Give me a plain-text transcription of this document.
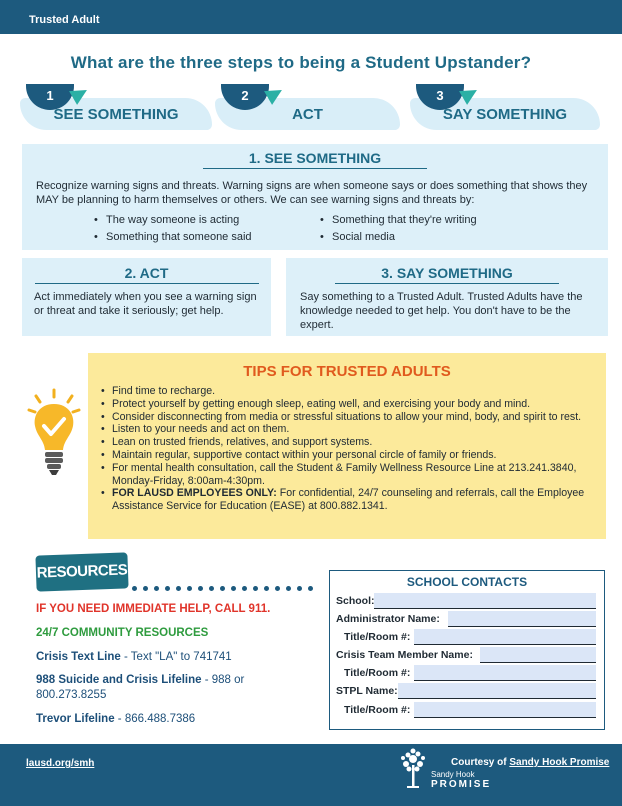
Trusted Adult
What are the three steps to being a Student Upstander?
1
SEE SOMETHING
2
ACT
3
SAY SOMETHING
1. SEE SOMETHING

Recognize warning signs and threats. Warning signs are when someone says or does something that shows they MAY be planning to harm themselves or others. We can see warning signs and threats by:

• The way someone is acting
• Something that someone said
• Something that they're writing
• Social media
2. ACT

Act immediately when you see a warning sign or threat and take it seriously; get help.

3. SAY SOMETHING

Say something to a Trusted Adult. Trusted Adults have the knowledge needed to get help. You don't have to be the expert.

TIPS FOR TRUSTED ADULTS
• Find time to recharge.
• Protect yourself by getting enough sleep, eating well, and exercising your body and mind.
• Consider disconnecting from media or stressful situations to allow your mind, body, and spirit to rest.
• Listen to your needs and act on them.
• Lean on trusted friends, relatives, and support systems.
• Maintain regular, supportive contact within your personal circle of family or friends.
• For mental health consultation, call the Student & Family Wellness Resource Line at 213.241.3840, Monday-Friday, 8:00am-4:30pm.
• FOR LAUSD EMPLOYEES ONLY: For confidential, 24/7 counseling and referrals, call the Employee Assistance Service for Education (EASE) at 800.882.1341.
RESOURCES
IF YOU NEED IMMEDIATE HELP, CALL 911.
24/7 COMMUNITY RESOURCES
Crisis Text Line - Text "LA" to 741741
988 Suicide and Crisis Lifeline - 988 or 800.273.8255
Trevor Lifeline - 866.488.7386
SCHOOL CONTACTS
School:
Administrator Name:
Title/Room #:
Crisis Team Member Name:
Title/Room #:
STPL Name:
Title/Room #:
lausd.org/smh	Courtesy of Sandy Hook Promise
Sandy Hook
PROMISE
